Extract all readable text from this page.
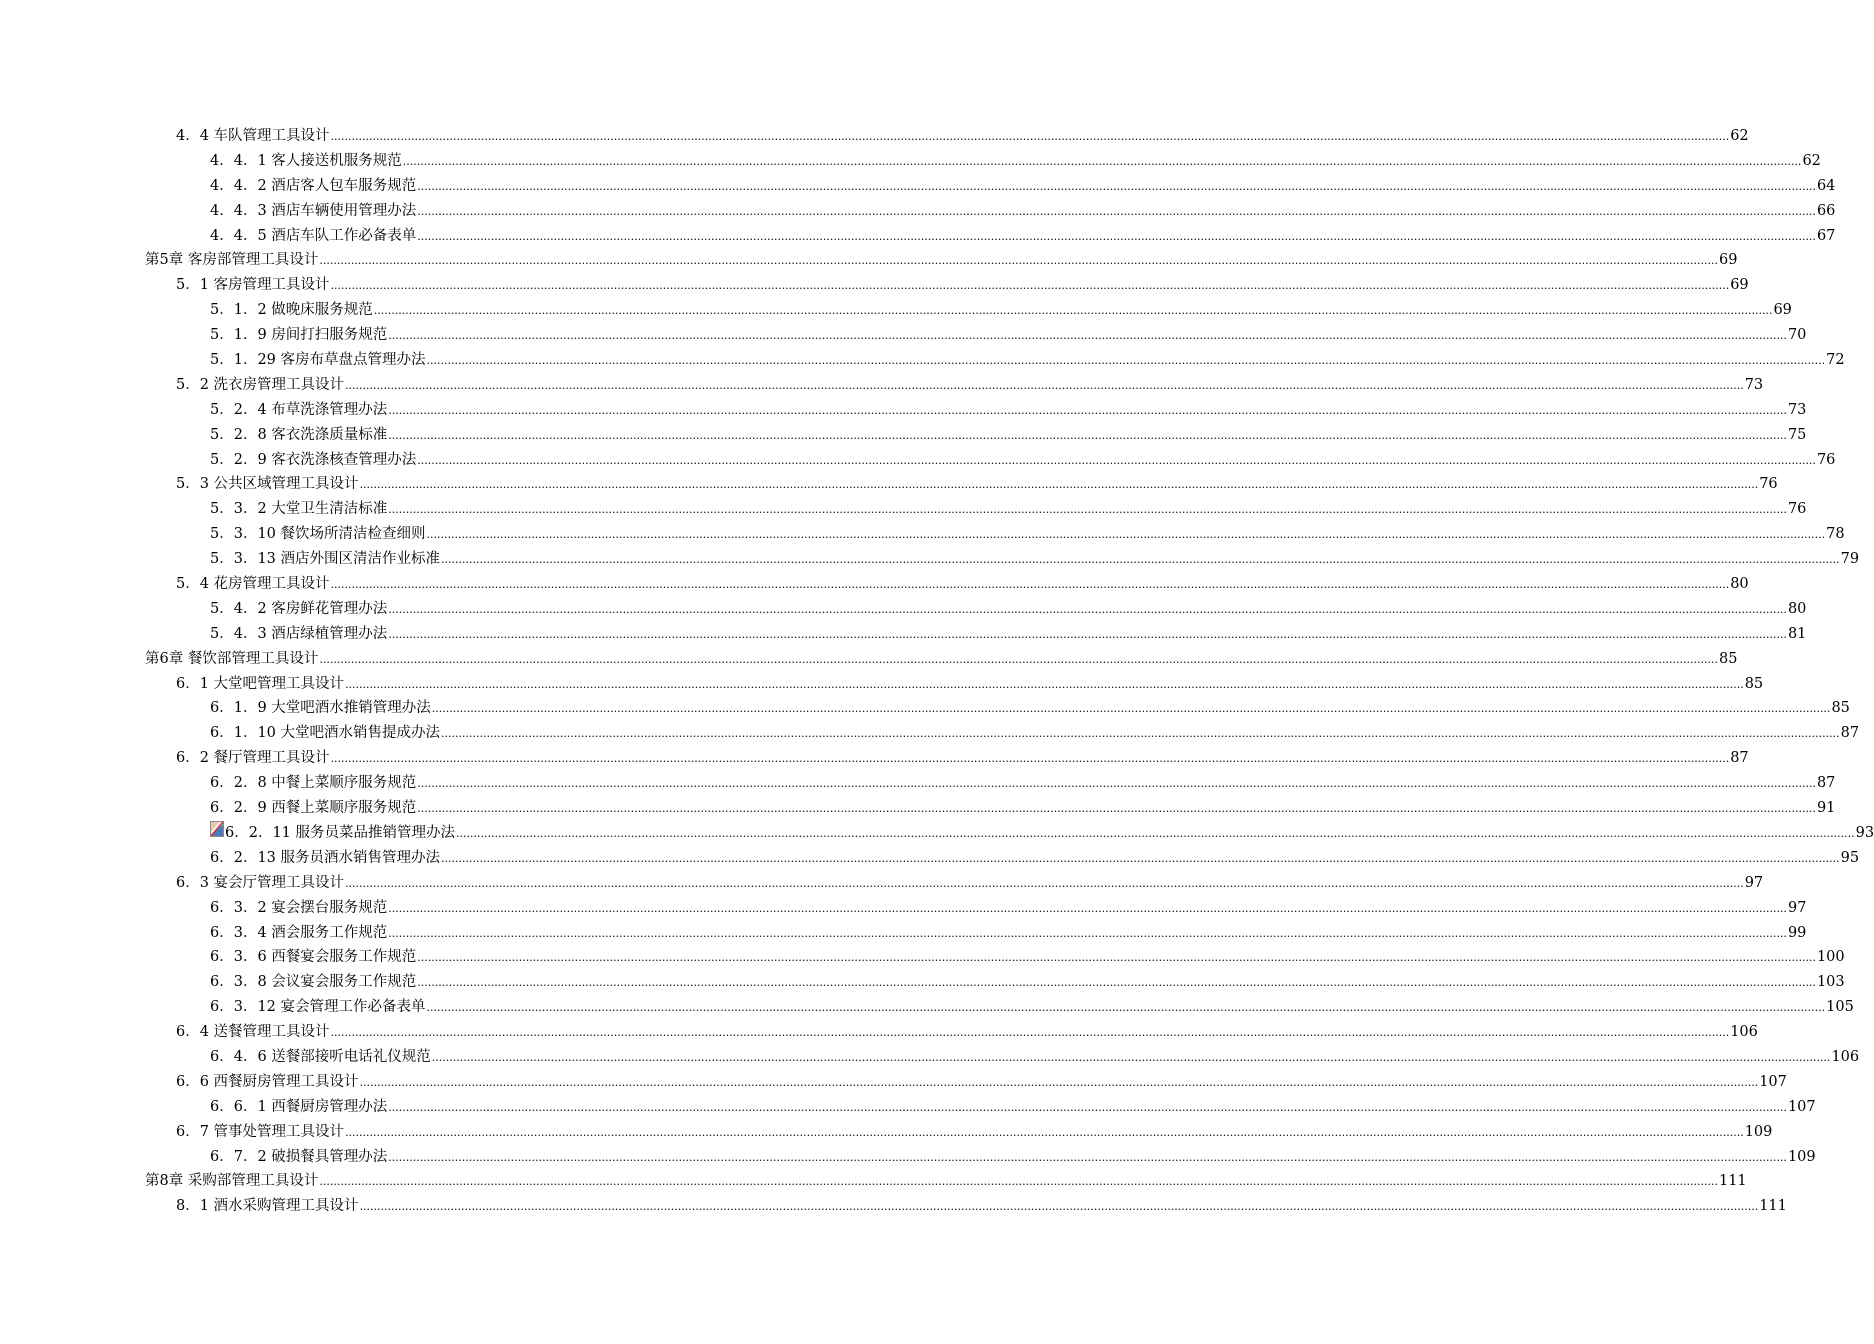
4．4 车队管理工具设计 ................................................................................................................................................................................................................................................................................................................................................................................................................ 62
4．4．1 客人接送机服务规范 ................................................................................................................................................................................................................................................................................................................................................................................................................ 62
4．4．2 酒店客人包车服务规范 ................................................................................................................................................................................................................................................................................................................................................................................................................ 64
4．4．3 酒店车辆使用管理办法 ................................................................................................................................................................................................................................................................................................................................................................................................................ 66
4．4．5 酒店车队工作必备表单 ................................................................................................................................................................................................................................................................................................................................................................................................................ 67
第5章 客房部管理工具设计 ................................................................................................................................................................................................................................................................................................................................................................................................................ 69
5．1 客房管理工具设计 ................................................................................................................................................................................................................................................................................................................................................................................................................ 69
5．1．2 做晚床服务规范 ................................................................................................................................................................................................................................................................................................................................................................................................................ 69
5．1．9 房间打扫服务规范 ................................................................................................................................................................................................................................................................................................................................................................................................................ 70
5．1．29 客房布草盘点管理办法 ................................................................................................................................................................................................................................................................................................................................................................................................................ 72
5．2 洗衣房管理工具设计 ................................................................................................................................................................................................................................................................................................................................................................................................................ 73
5．2．4 布草洗涤管理办法 ................................................................................................................................................................................................................................................................................................................................................................................................................ 73
5．2．8 客衣洗涤质量标准 ................................................................................................................................................................................................................................................................................................................................................................................................................ 75
5．2．9 客衣洗涤核查管理办法 ................................................................................................................................................................................................................................................................................................................................................................................................................ 76
5．3 公共区域管理工具设计 ................................................................................................................................................................................................................................................................................................................................................................................................................ 76
5．3．2 大堂卫生清洁标准 ................................................................................................................................................................................................................................................................................................................................................................................................................ 76
5．3．10 餐饮场所清洁检查细则 ................................................................................................................................................................................................................................................................................................................................................................................................................ 78
5．3．13 酒店外围区清洁作业标准 ................................................................................................................................................................................................................................................................................................................................................................................................................ 79
5．4 花房管理工具设计 ................................................................................................................................................................................................................................................................................................................................................................................................................ 80
5．4．2 客房鲜花管理办法 ................................................................................................................................................................................................................................................................................................................................................................................................................ 80
5．4．3 酒店绿植管理办法 ................................................................................................................................................................................................................................................................................................................................................................................................................ 81
第6章 餐饮部管理工具设计 ................................................................................................................................................................................................................................................................................................................................................................................................................ 85
6．1 大堂吧管理工具设计 ................................................................................................................................................................................................................................................................................................................................................................................................................ 85
6．1．9 大堂吧酒水推销管理办法 ................................................................................................................................................................................................................................................................................................................................................................................................................ 85
6．1．10 大堂吧酒水销售提成办法 ................................................................................................................................................................................................................................................................................................................................................................................................................ 87
6．2 餐厅管理工具设计 ................................................................................................................................................................................................................................................................................................................................................................................................................ 87
6．2．8 中餐上菜顺序服务规范 ................................................................................................................................................................................................................................................................................................................................................................................................................ 87
6．2．9 西餐上菜顺序服务规范 ................................................................................................................................................................................................................................................................................................................................................................................................................ 91
6．2．11 服务员菜品推销管理办法 ................................................................................................................................................................................................................................................................................................................................................................................................................ 93
6．2．13 服务员酒水销售管理办法 ................................................................................................................................................................................................................................................................................................................................................................................................................ 95
6．3 宴会厅管理工具设计 ................................................................................................................................................................................................................................................................................................................................................................................................................ 97
6．3．2 宴会摆台服务规范 ................................................................................................................................................................................................................................................................................................................................................................................................................ 97
6．3．4 酒会服务工作规范 ................................................................................................................................................................................................................................................................................................................................................................................................................ 99
6．3．6 西餐宴会服务工作规范 ................................................................................................................................................................................................................................................................................................................................................................................................................ 100
6．3．8 会议宴会服务工作规范 ................................................................................................................................................................................................................................................................................................................................................................................................................ 103
6．3．12 宴会管理工作必备表单 ................................................................................................................................................................................................................................................................................................................................................................................................................ 105
6．4 送餐管理工具设计 ................................................................................................................................................................................................................................................................................................................................................................................................................ 106
6．4．6 送餐部接听电话礼仪规范 ................................................................................................................................................................................................................................................................................................................................................................................................................ 106
6．6 西餐厨房管理工具设计 ................................................................................................................................................................................................................................................................................................................................................................................................................ 107
6．6．1 西餐厨房管理办法 ................................................................................................................................................................................................................................................................................................................................................................................................................ 107
6．7 管事处管理工具设计 ................................................................................................................................................................................................................................................................................................................................................................................................................ 109
6．7．2 破损餐具管理办法 ................................................................................................................................................................................................................................................................................................................................................................................................................ 109
第8章 采购部管理工具设计 ................................................................................................................................................................................................................................................................................................................................................................................................................ 111
8．1 酒水采购管理工具设计 ................................................................................................................................................................................................................................................................................................................................................................................................................ 111
